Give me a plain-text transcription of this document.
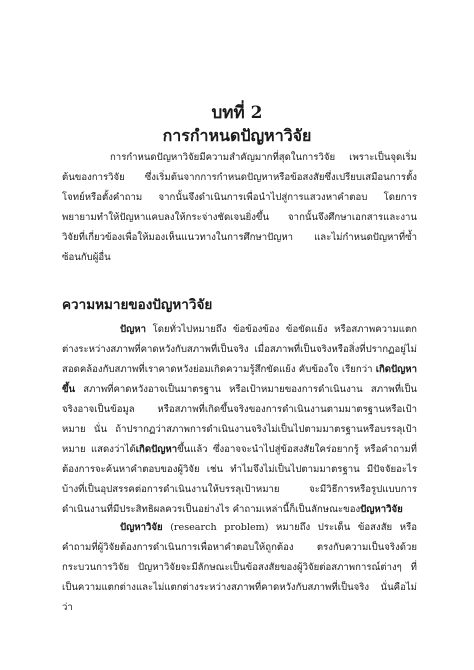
บทที่ 2
การกำหนดปัญหาวิจัย

การกำหนดปัญหาวิจัยมีความสำคัญมากที่สุดในการวิจัย เพราะเป็นจุดเริ่มต้นของการวิจัย ซึ่งเริ่มต้นจากการกำหนดปัญหาหรือข้อสงสัยซึ่งเปรียบเสมือนการตั้งโจทย์หรือตั้งคำถาม จากนั้นจึงดำเนินการเพื่อนำไปสู่การแสวงหาคำตอบ โดยการพยายามทำให้ปัญหาแคบลงให้กระจ่างชัดเจนยิ่งขึ้น จากนั้นจึงศึกษาเอกสารและงานวิจัยที่เกี่ยวข้องเพื่อให้มองเห็นแนวทางในการศึกษาปัญหา และไม่กำหนดปัญหาที่ซ้ำซ้อนกับผู้อื่น

ความหมายของปัญหาวิจัย

ปัญหา โดยทั่วไปหมายถึง ข้อข้องข้อง ข้อขัดแย้ง หรือสภาพความแตกต่างระหว่างสภาพที่คาดหวังกับสภาพที่เป็นจริง เมื่อสภาพที่เป็นจริงหรือสิ่งที่ปรากฏอยู่ไม่สอดคล้องกับสภาพที่เราคาดหวังย่อมเกิดความรู้สึกขัดแย้ง คับข้องใจ เรียกว่า เกิดปัญหาขึ้น สภาพที่คาดหวังอาจเป็นมาตรฐาน หรือเป้าหมายของการดำเนินงาน สภาพที่เป็นจริงอาจเป็นข้อมูล หรือสภาพที่เกิดขึ้นจริงของการดำเนินงานตามมาตรฐานหรือเป้าหมาย นั่น ถ้าปรากฏว่าสภาพการดำเนินงานจริงไม่เป็นไปตามมาตรฐานหรือบรรลุเป้าหมาย แสดงว่าได้เกิดปัญหาขึ้นแล้ว ซึ่งอาจจะนำไปสู่ข้อสงสัยใคร่อยากรู้ หรือคำถามที่ต้องการจะค้นหาคำตอบของผู้วิจัย เช่น ทำไมจึงไม่เป็นไปตามมาตรฐาน มีปัจจัยอะไรบ้างที่เป็นอุปสรรคต่อการดำเนินงานให้บรรลุเป้าหมาย จะมีวิธีการหรือรูปแบบการดำเนินงานที่มีประสิทธิผลควรเป็นอย่างไร คำถามเหล่านี้ก็เป็นลักษณะของปัญหาวิจัย

ปัญหาวิจัย (research problem) หมายถึง ประเด็น ข้อสงสัย หรือคำถามที่ผู้วิจัยต้องการดำเนินการเพื่อหาคำตอบให้ถูกต้อง ตรงกับความเป็นจริงด้วยกระบวนการวิจัย ปัญหาวิจัยจะมีลักษณะเป็นข้อสงสัยของผู้วิจัยต่อสภาพการณ์ต่างๆ ที่เป็นความแตกต่างและไม่แตกต่างระหว่างสภาพที่คาดหวังกับสภาพที่เป็นจริง นั่นคือไม่ว่า
